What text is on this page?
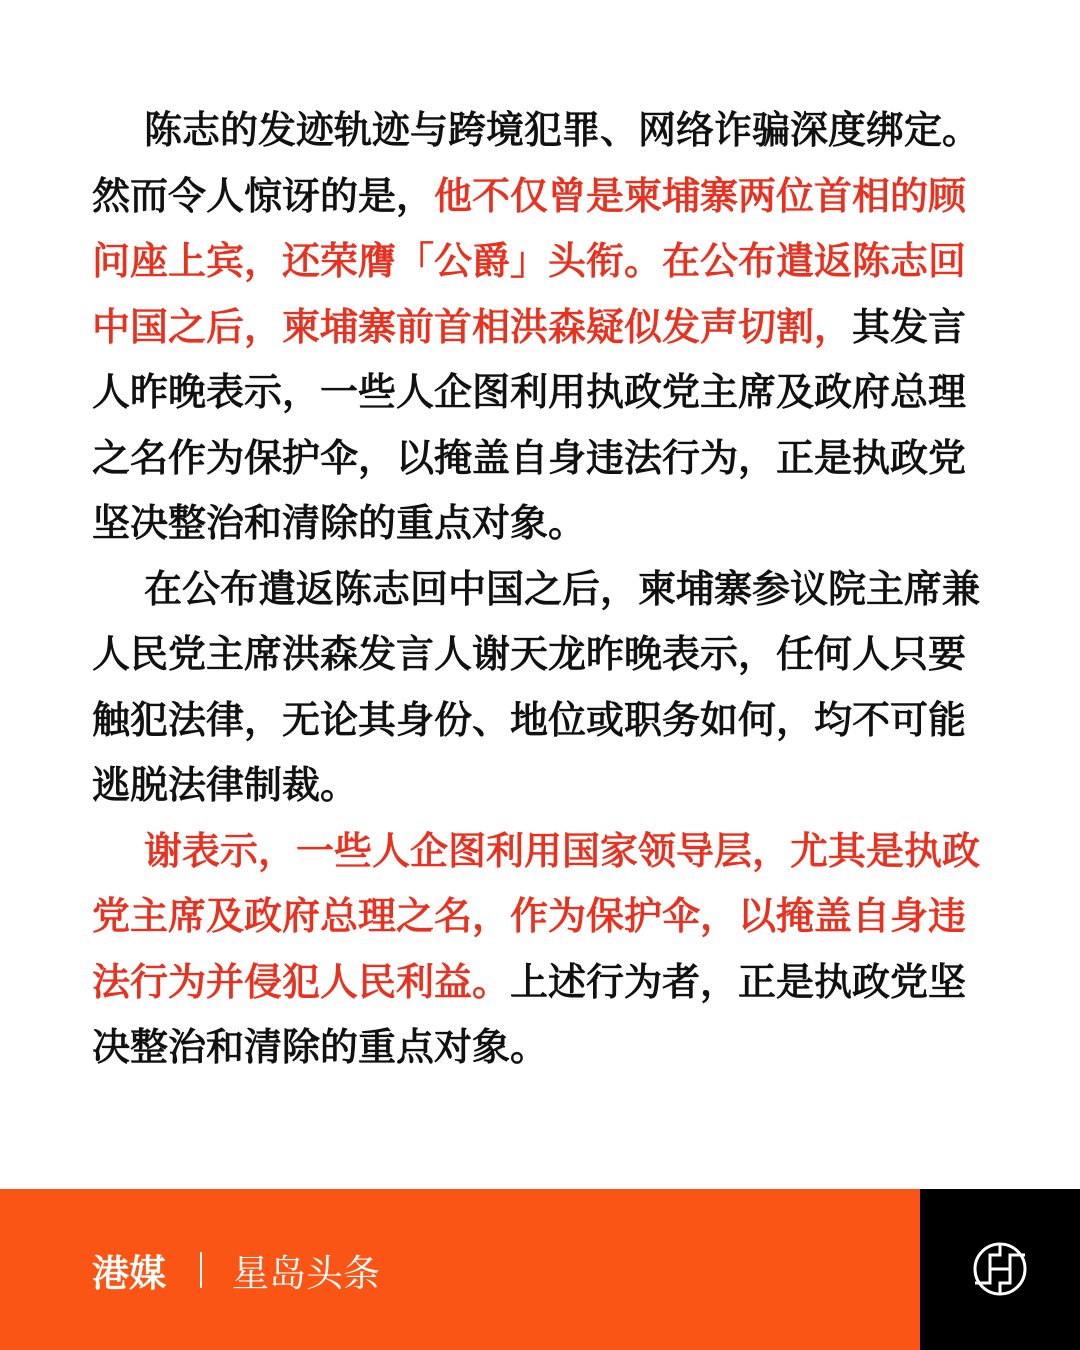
陈志的发迹轨迹与跨境犯罪、网络诈骗深度绑定。然而令人惊讶的是，他不仅曾是柬埔寨两位首相的顾问座上宾，还荣膺「公爵」头衔。在公布遣返陈志回中国之后，柬埔寨前首相洪森疑似发声切割，其发言人昨晚表示，一些人企图利用执政党主席及政府总理之名作为保护伞，以掩盖自身违法行为，正是执政党坚决整治和清除的重点对象。

在公布遣返陈志回中国之后，柬埔寨参议院主席兼人民党主席洪森发言人谢天龙昨晚表示，任何人只要触犯法律，无论其身份、地位或职务如何，均不可能逃脱法律制裁。

谢表示，一些人企图利用国家领导层，尤其是执政党主席及政府总理之名，作为保护伞，以掩盖自身违法行为并侵犯人民利益。上述行为者，正是执政党坚决整治和清除的重点对象。

港媒 星岛头条
